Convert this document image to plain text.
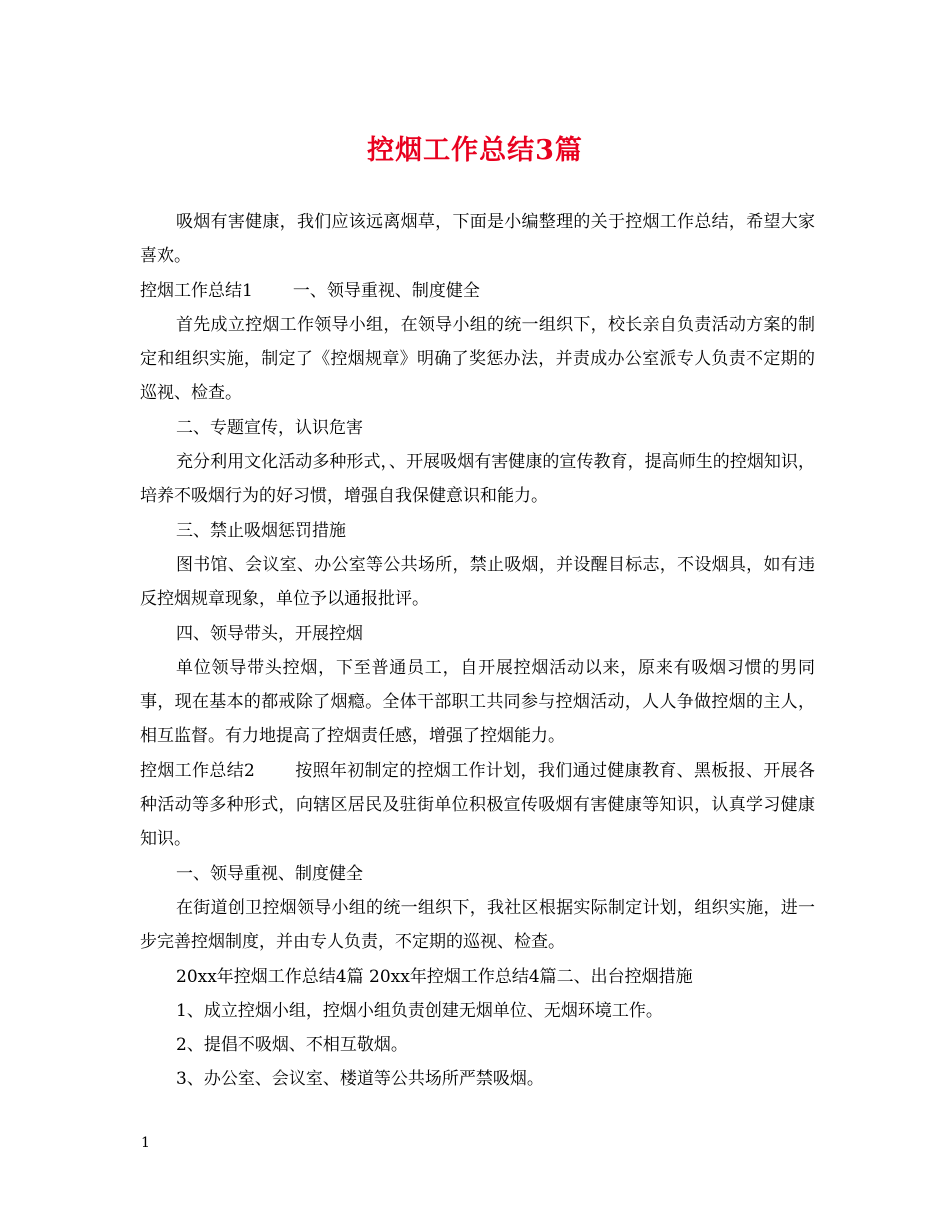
控烟工作总结3篇

吸烟有害健康，我们应该远离烟草，下面是小编整理的关于控烟工作总结，希望大家喜欢。

控烟工作总结1 一、领导重视、制度健全

首先成立控烟工作领导小组，在领导小组的统一组织下，校长亲自负责活动方案的制定和组织实施，制定了《控烟规章》明确了奖惩办法，并责成办公室派专人负责不定期的巡视、检查。

二、专题宣传，认识危害

充分利用文化活动多种形式，、开展吸烟有害健康的宣传教育，提高师生的控烟知识，培养不吸烟行为的好习惯，增强自我保健意识和能力。

三、禁止吸烟惩罚措施

图书馆、会议室、办公室等公共场所，禁止吸烟，并设醒目标志，不设烟具，如有违反控烟规章现象，单位予以通报批评。

四、领导带头，开展控烟

单位领导带头控烟，下至普通员工，自开展控烟活动以来，原来有吸烟习惯的男同事，现在基本的都戒除了烟瘾。全体干部职工共同参与控烟活动，人人争做控烟的主人，相互监督。有力地提高了控烟责任感，增强了控烟能力。

控烟工作总结2 按照年初制定的控烟工作计划，我们通过健康教育、黑板报、开展各种活动等多种形式，向辖区居民及驻街单位积极宣传吸烟有害健康等知识，认真学习健康知识。

一、领导重视、制度健全

在街道创卫控烟领导小组的统一组织下，我社区根据实际制定计划，组织实施，进一步完善控烟制度，并由专人负责，不定期的巡视、检查。

20xx年控烟工作总结4篇 20xx年控烟工作总结4篇二、出台控烟措施

1、成立控烟小组，控烟小组负责创建无烟单位、无烟环境工作。

2、提倡不吸烟、不相互敬烟。

3、办公室、会议室、楼道等公共场所严禁吸烟。

1
